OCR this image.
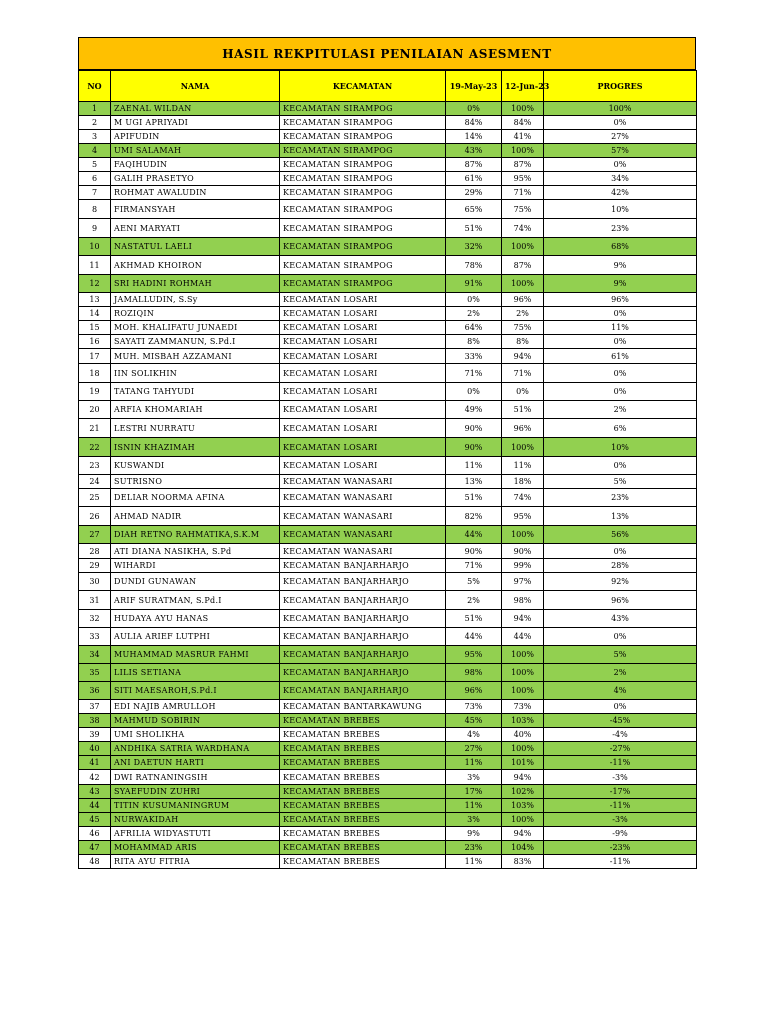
HASIL REKPITULASI PENILAIAN ASESMENT
NO	NAMA	KECAMATAN	19-May-23	12-Jun-23	PROGRES
1	ZAENAL WILDAN	KECAMATAN SIRAMPOG	0%	100%	100%
2	M UGI APRIYADI	KECAMATAN SIRAMPOG	84%	84%	0%
3	APIFUDIN	KECAMATAN SIRAMPOG	14%	41%	27%
4	UMI SALAMAH	KECAMATAN SIRAMPOG	43%	100%	57%
5	FAQIHUDIN	KECAMATAN SIRAMPOG	87%	87%	0%
6	GALIH PRASETYO	KECAMATAN SIRAMPOG	61%	95%	34%
7	ROHMAT AWALUDIN	KECAMATAN SIRAMPOG	29%	71%	42%
8	FIRMANSYAH	KECAMATAN SIRAMPOG	65%	75%	10%
9	AENI MARYATI	KECAMATAN SIRAMPOG	51%	74%	23%
10	NASTATUL LAELI	KECAMATAN SIRAMPOG	32%	100%	68%
11	AKHMAD KHOIRON	KECAMATAN SIRAMPOG	78%	87%	9%
12	SRI HADINI ROHMAH	KECAMATAN SIRAMPOG	91%	100%	9%
13	JAMALLUDIN, S.Sy	KECAMATAN LOSARI	0%	96%	96%
14	ROZIQIN	KECAMATAN LOSARI	2%	2%	0%
15	MOH. KHALIFATU JUNAEDI	KECAMATAN LOSARI	64%	75%	11%
16	SAYATI ZAMMANUN, S.Pd.I	KECAMATAN LOSARI	8%	8%	0%
17	MUH. MISBAH AZZAMANI	KECAMATAN LOSARI	33%	94%	61%
18	IIN SOLIKHIN	KECAMATAN LOSARI	71%	71%	0%
19	TATANG TAHYUDI	KECAMATAN LOSARI	0%	0%	0%
20	ARFIA KHOMARIAH	KECAMATAN LOSARI	49%	51%	2%
21	LESTRI NURRATU	KECAMATAN LOSARI	90%	96%	6%
22	ISNIN KHAZIMAH	KECAMATAN LOSARI	90%	100%	10%
23	KUSWANDI	KECAMATAN LOSARI	11%	11%	0%
24	SUTRISNO	KECAMATAN WANASARI	13%	18%	5%
25	DELIAR NOORMA AFINA	KECAMATAN WANASARI	51%	74%	23%
26	AHMAD NADIR	KECAMATAN WANASARI	82%	95%	13%
27	DIAH RETNO RAHMATIKA,S.K.M	KECAMATAN WANASARI	44%	100%	56%
28	ATI DIANA NASIKHA, S.Pd	KECAMATAN WANASARI	90%	90%	0%
29	WIHARDI	KECAMATAN BANJARHARJO	71%	99%	28%
30	DUNDI GUNAWAN	KECAMATAN BANJARHARJO	5%	97%	92%
31	ARIF SURATMAN, S.Pd.I	KECAMATAN BANJARHARJO	2%	98%	96%
32	HUDAYA AYU HANAS	KECAMATAN BANJARHARJO	51%	94%	43%
33	AULIA ARIEF LUTPHI	KECAMATAN BANJARHARJO	44%	44%	0%
34	MUHAMMAD MASRUR FAHMI	KECAMATAN BANJARHARJO	95%	100%	5%
35	LILIS SETIANA	KECAMATAN BANJARHARJO	98%	100%	2%
36	SITI MAESAROH,S.Pd.I	KECAMATAN BANJARHARJO	96%	100%	4%
37	EDI NAJIB AMRULLOH	KECAMATAN BANTARKAWUNG	73%	73%	0%
38	MAHMUD SOBIRIN	KECAMATAN BREBES	45%	103%	-45%
39	UMI SHOLIKHA	KECAMATAN BREBES	4%	40%	-4%
40	ANDHIKA SATRIA WARDHANA	KECAMATAN BREBES	27%	100%	-27%
41	ANI DAETUN HARTI	KECAMATAN BREBES	11%	101%	-11%
42	DWI RATNANINGSIH	KECAMATAN BREBES	3%	94%	-3%
43	SYAEFUDIN ZUHRI	KECAMATAN BREBES	17%	102%	-17%
44	TITIN KUSUMANINGRUM	KECAMATAN BREBES	11%	103%	-11%
45	NURWAKIDAH	KECAMATAN BREBES	3%	100%	-3%
46	AFRILIA WIDYASTUTI	KECAMATAN BREBES	9%	94%	-9%
47	MOHAMMAD ARIS	KECAMATAN BREBES	23%	104%	-23%
48	RITA AYU FITRIA	KECAMATAN BREBES	11%	83%	-11%
